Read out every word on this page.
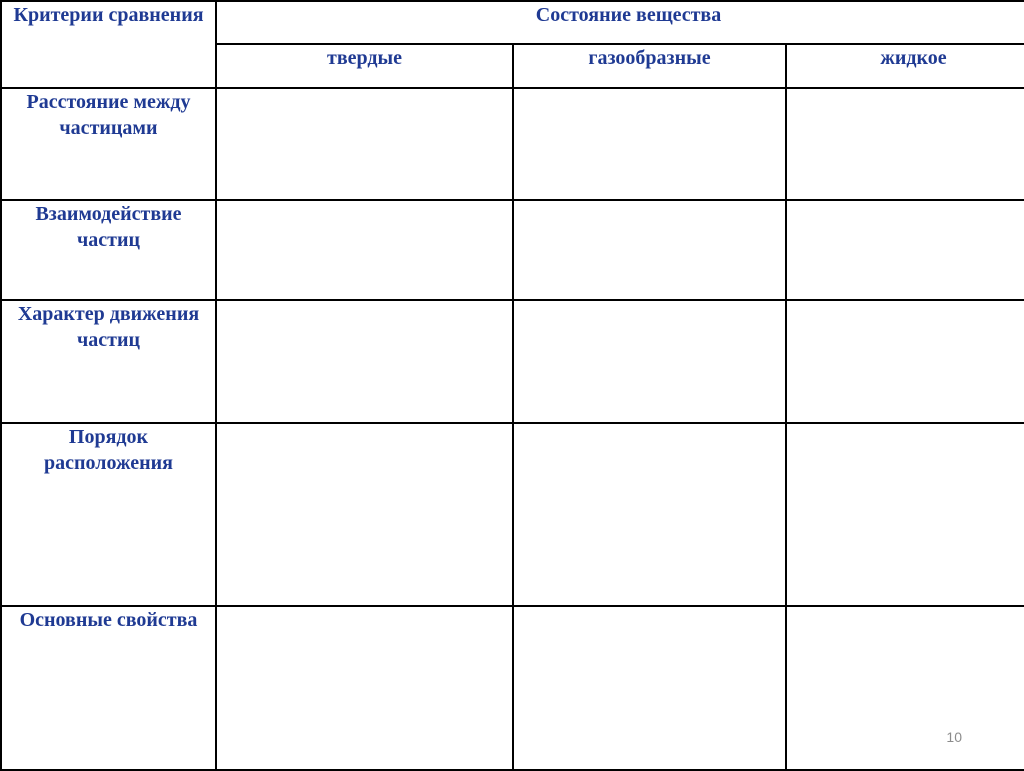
Критерии сравнения	Состояние вещества		
	твердые	газообразные	жидкое
Расстояние между частицами			
Взаимодействие частиц			
Характер движения частиц			
Порядок расположения			
Основные свойства			
10
